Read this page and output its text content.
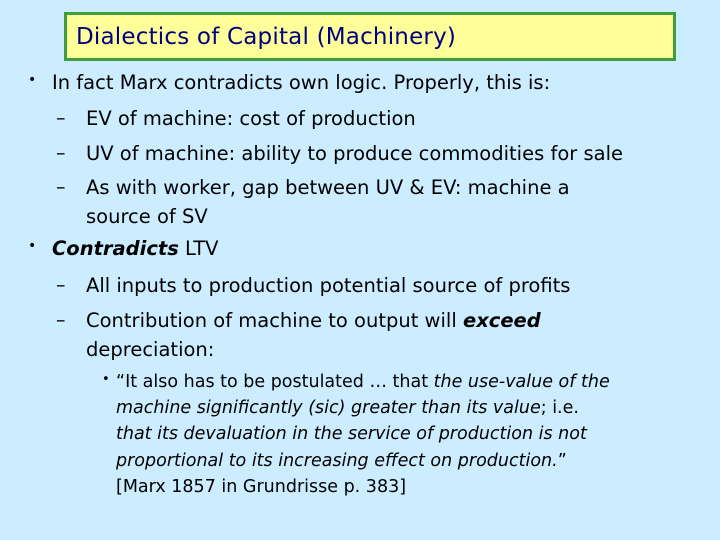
Dialectics of Capital (Machinery)
• In fact Marx contradicts own logic. Properly, this is:
– EV of machine: cost of production
– UV of machine: ability to produce commodities for sale
– As with worker, gap between UV & EV: machine a
source of SV
• Contradicts LTV
– All inputs to production potential source of profits
– Contribution of machine to output will exceed
depreciation:
• “It also has to be postulated … that the use-value of the
machine significantly (sic) greater than its value; i.e.
that its devaluation in the service of production is not
proportional to its increasing effect on production.”
[Marx 1857 in Grundrisse p. 383]
